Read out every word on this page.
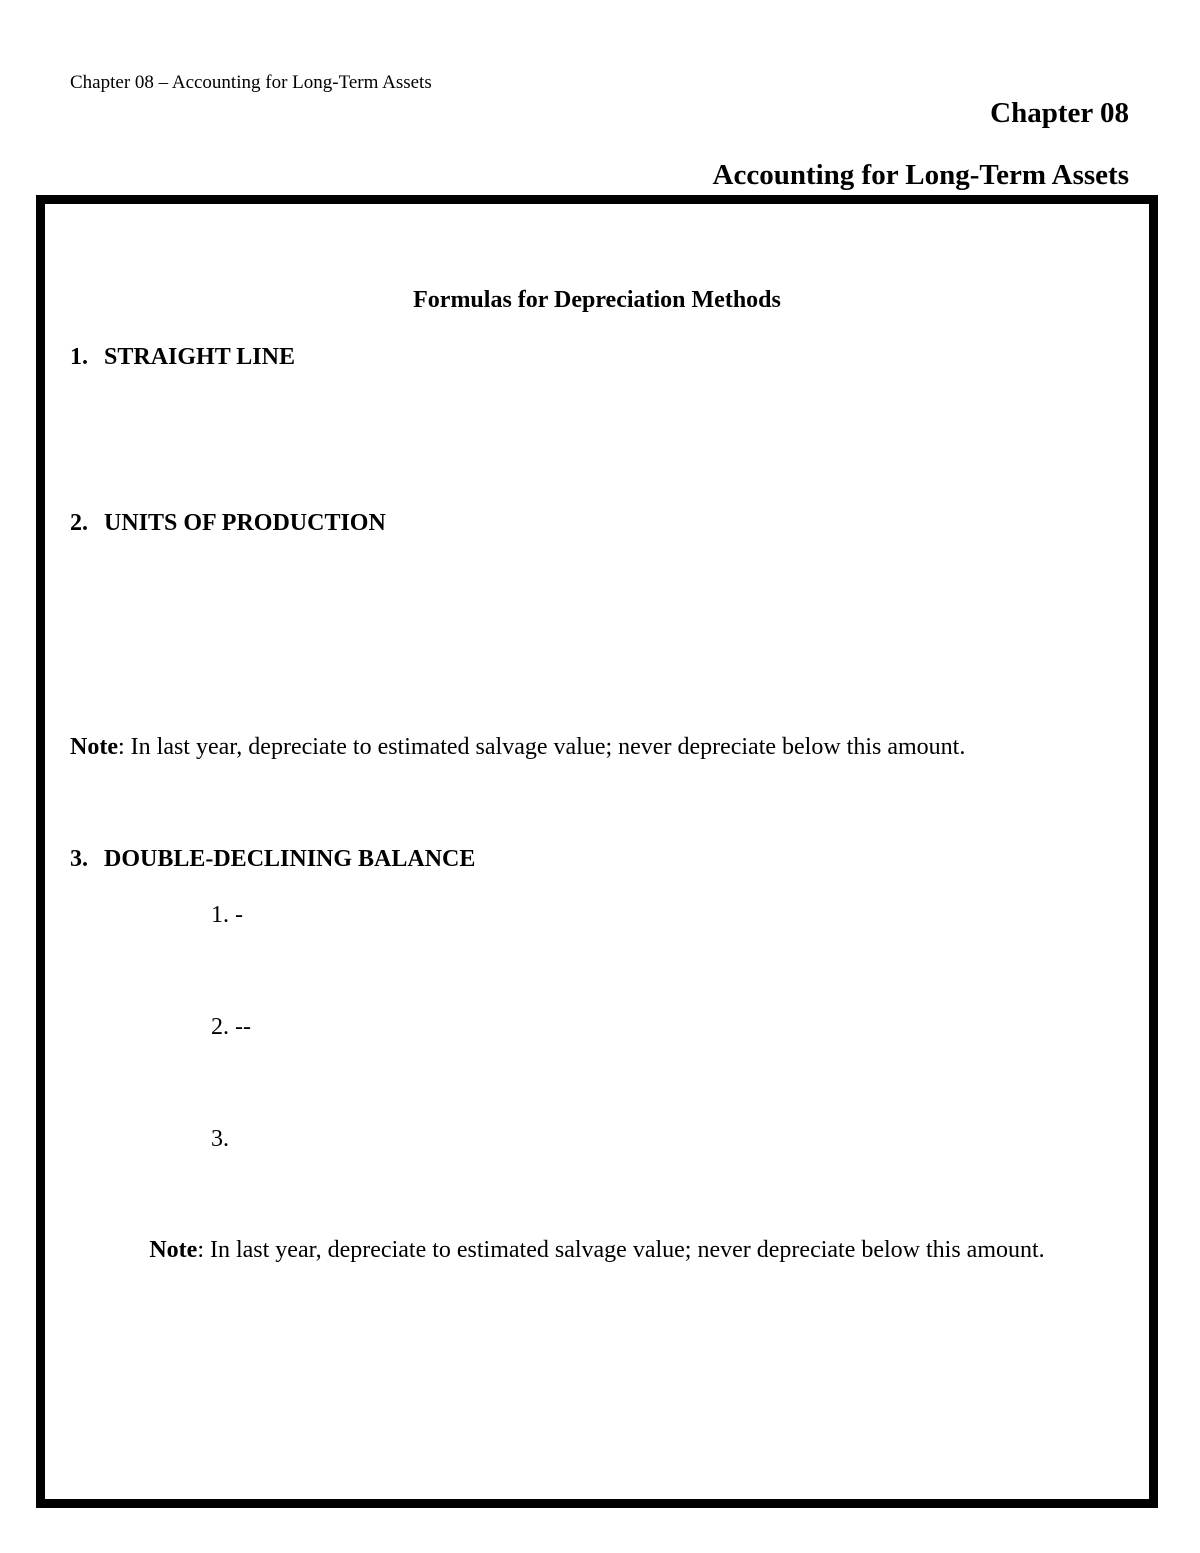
Chapter 08 – Accounting for Long-Term Assets
Chapter 08
Accounting for Long-Term Assets
Formulas for Depreciation Methods
1. STRAIGHT LINE
2. UNITS OF PRODUCTION
Note: In last year, depreciate to estimated salvage value; never depreciate below this amount.
3. DOUBLE-DECLINING BALANCE
1. -
2. --
3.
Note: In last year, depreciate to estimated salvage value; never depreciate below this amount.
